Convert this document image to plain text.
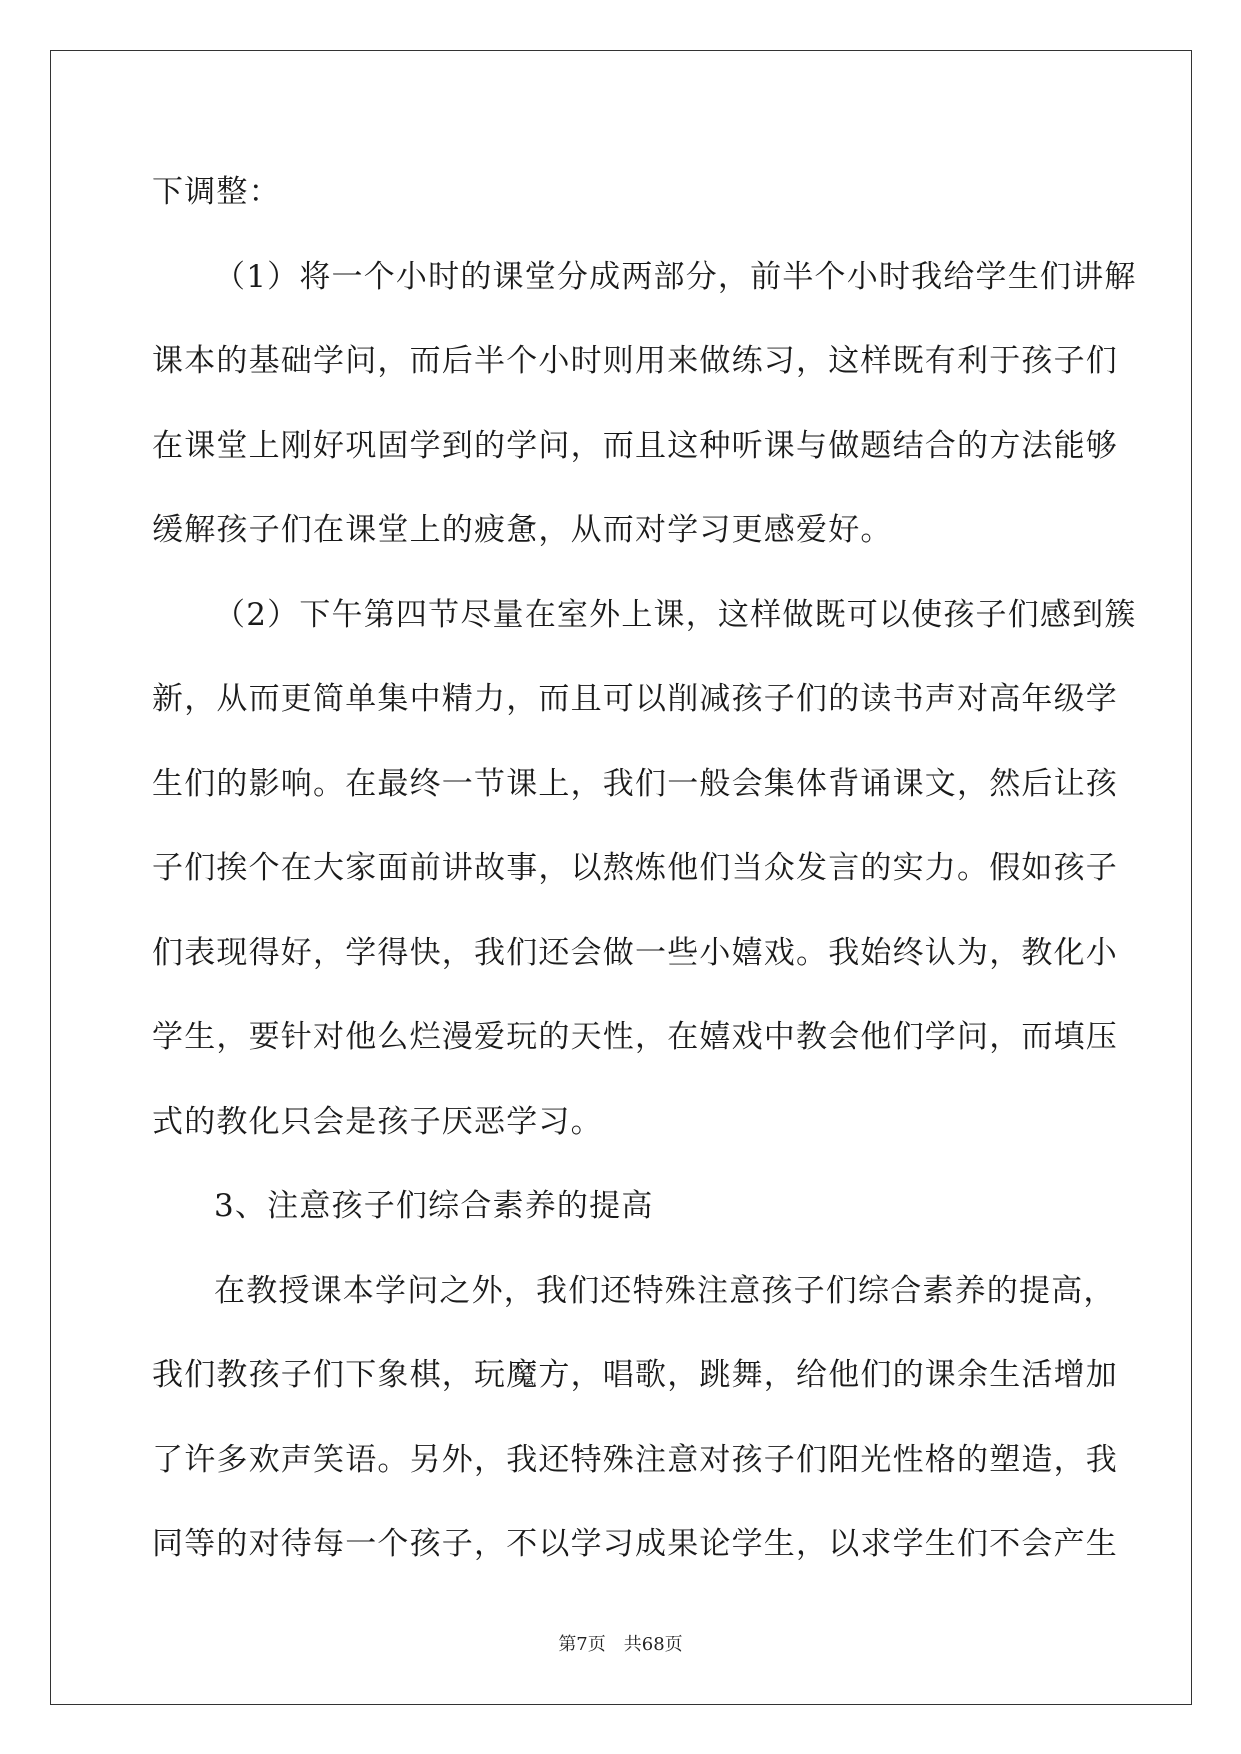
下调整：
（1）将一个小时的课堂分成两部分，前半个小时我给学生们讲解
课本的基础学问，而后半个小时则用来做练习，这样既有利于孩子们
在课堂上刚好巩固学到的学问，而且这种听课与做题结合的方法能够
缓解孩子们在课堂上的疲惫，从而对学习更感爱好。
（2）下午第四节尽量在室外上课，这样做既可以使孩子们感到簇
新，从而更简单集中精力，而且可以削减孩子们的读书声对高年级学
生们的影响。在最终一节课上，我们一般会集体背诵课文，然后让孩
子们挨个在大家面前讲故事，以熬炼他们当众发言的实力。假如孩子
们表现得好，学得快，我们还会做一些小嬉戏。我始终认为，教化小
学生，要针对他么烂漫爱玩的天性，在嬉戏中教会他们学问，而填压
式的教化只会是孩子厌恶学习。
3、注意孩子们综合素养的提高
在教授课本学问之外，我们还特殊注意孩子们综合素养的提高，
我们教孩子们下象棋，玩魔方，唱歌，跳舞，给他们的课余生活增加
了许多欢声笑语。另外，我还特殊注意对孩子们阳光性格的塑造，我
同等的对待每一个孩子，不以学习成果论学生，以求学生们不会产生
第7页 共68页
